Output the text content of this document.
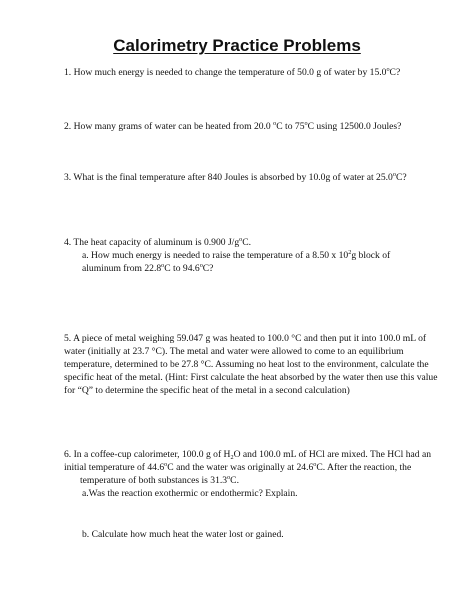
Calorimetry Practice Problems
1. How much energy is needed to change the temperature of 50.0 g of water by 15.0$^o$C?
2. How many grams of water can be heated from 20.0 $^o$C to 75$^o$C using 12500.0 Joules?
3. What is the final temperature after 840 Joules is absorbed by 10.0g of water at 25.0$^o$C?
4. The heat capacity of aluminum is 0.900 $J/g^oC$.
a. How much energy is needed to raise the temperature of a 8.50 x $10^2g$ block of
aluminum from 22.8$^o$C to 94.6$^o$C?
5. A piece of metal weighing 59.047 g was heated to 100.0 °C and then put it into 100.0 mL of
water (initially at 23.7 °C). The metal and water were allowed to come to an equilibrium
temperature, determined to be 27.8 °C. Assuming no heat lost to the environment, calculate the
specific heat of the metal. (Hint: First calculate the heat absorbed by the water then use this value
for “Q” to determine the specific heat of the metal in a second calculation)
6. In a coffee-cup calorimeter, 100.0 g of $H_2O$ and 100.0 mL of HCl are mixed. The HCl had an
initial temperature of 44.6$^o$C and the water was originally at 24.6$^o$C. After the reaction, the
temperature of both substances is 31.3$^o$C.
a.Was the reaction exothermic or endothermic? Explain.
b. Calculate how much heat the water lost or gained.
